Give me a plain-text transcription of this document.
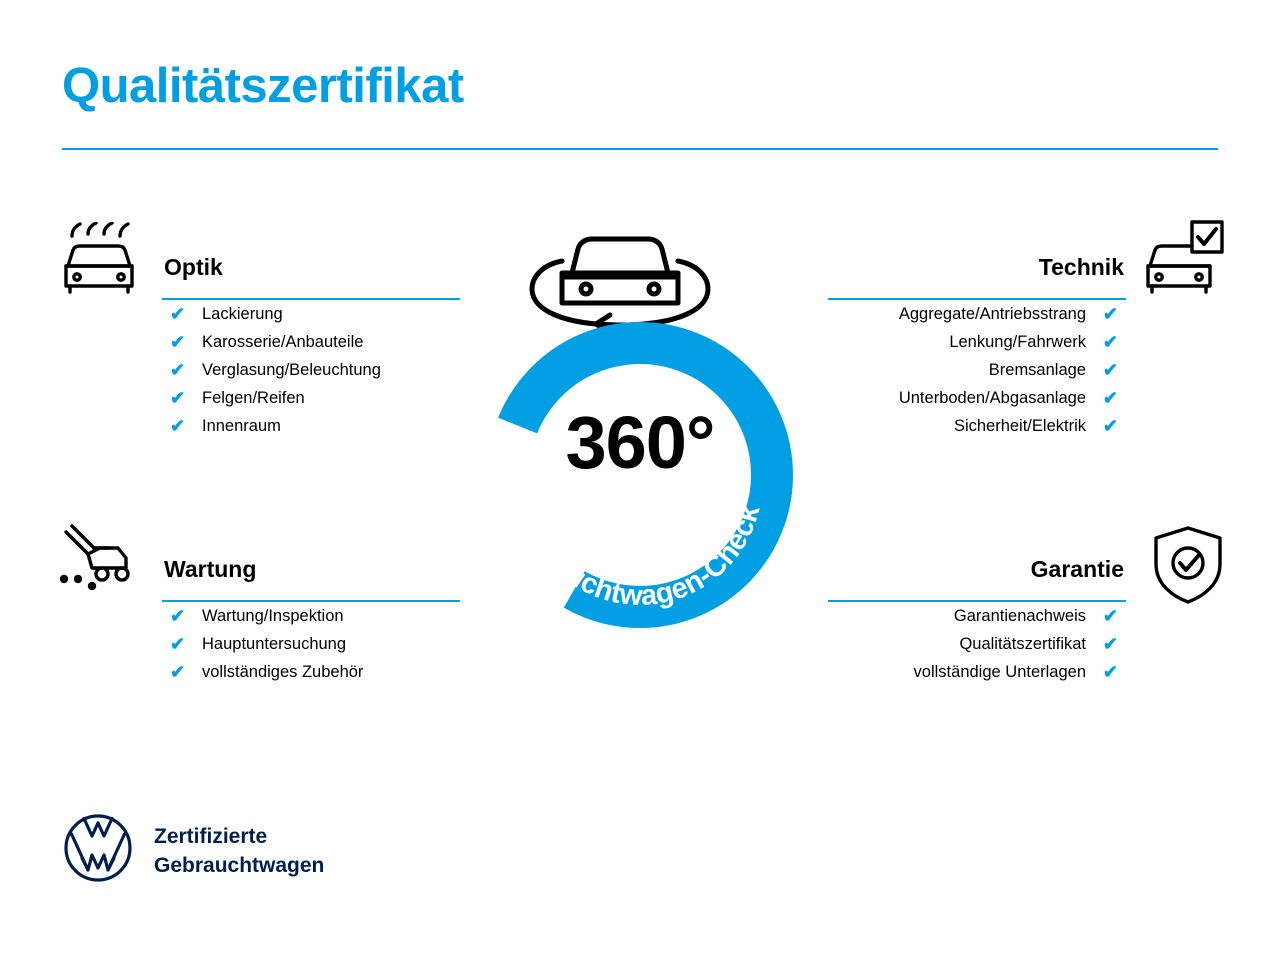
Qualitätszertifikat
Optik
✔	Lackierung
✔	Karosserie/Anbauteile
✔	Verglasung/Beleuchtung
✔	Felgen/Reifen
✔	Innenraum
Wartung
✔	Wartung/Inspektion
✔	Hauptuntersuchung
✔	vollständiges Zubehör
Technik
Aggregate/Antriebsstrang ✔
Lenkung/Fahrwerk ✔
Bremsanlage ✔
Unterboden/Abgasanlage ✔
Sicherheit/Elektrik ✔
Garantie
Garantienachweis ✔
Qualitätszertifikat ✔
vollständige Unterlagen ✔
Gebrauchtwagen-Check
360°
Zertifizierte
Gebrauchtwagen
